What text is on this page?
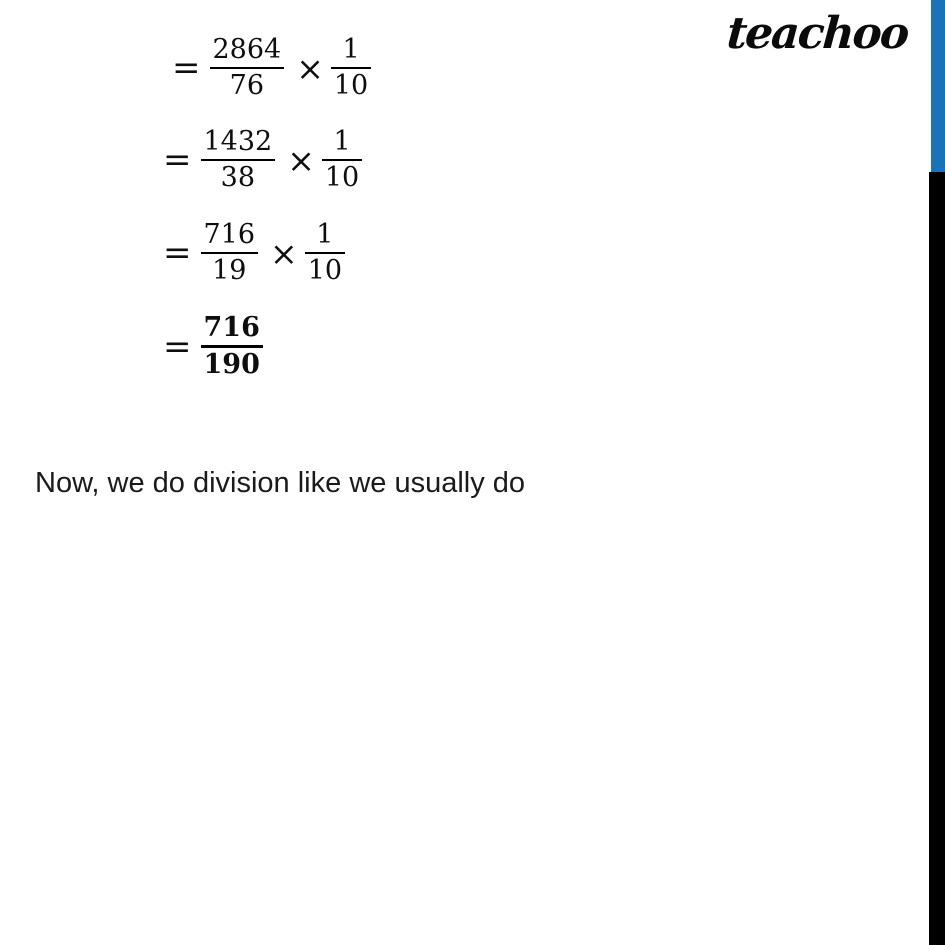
teachoo
= $\frac{2864}{76} \times \frac{1}{10}$
= $\frac{1432}{38} \times \frac{1}{10}$
= $\frac{716}{19} \times \frac{1}{10}$
= $\frac{716}{190}$
Now, we do division like we usually do
